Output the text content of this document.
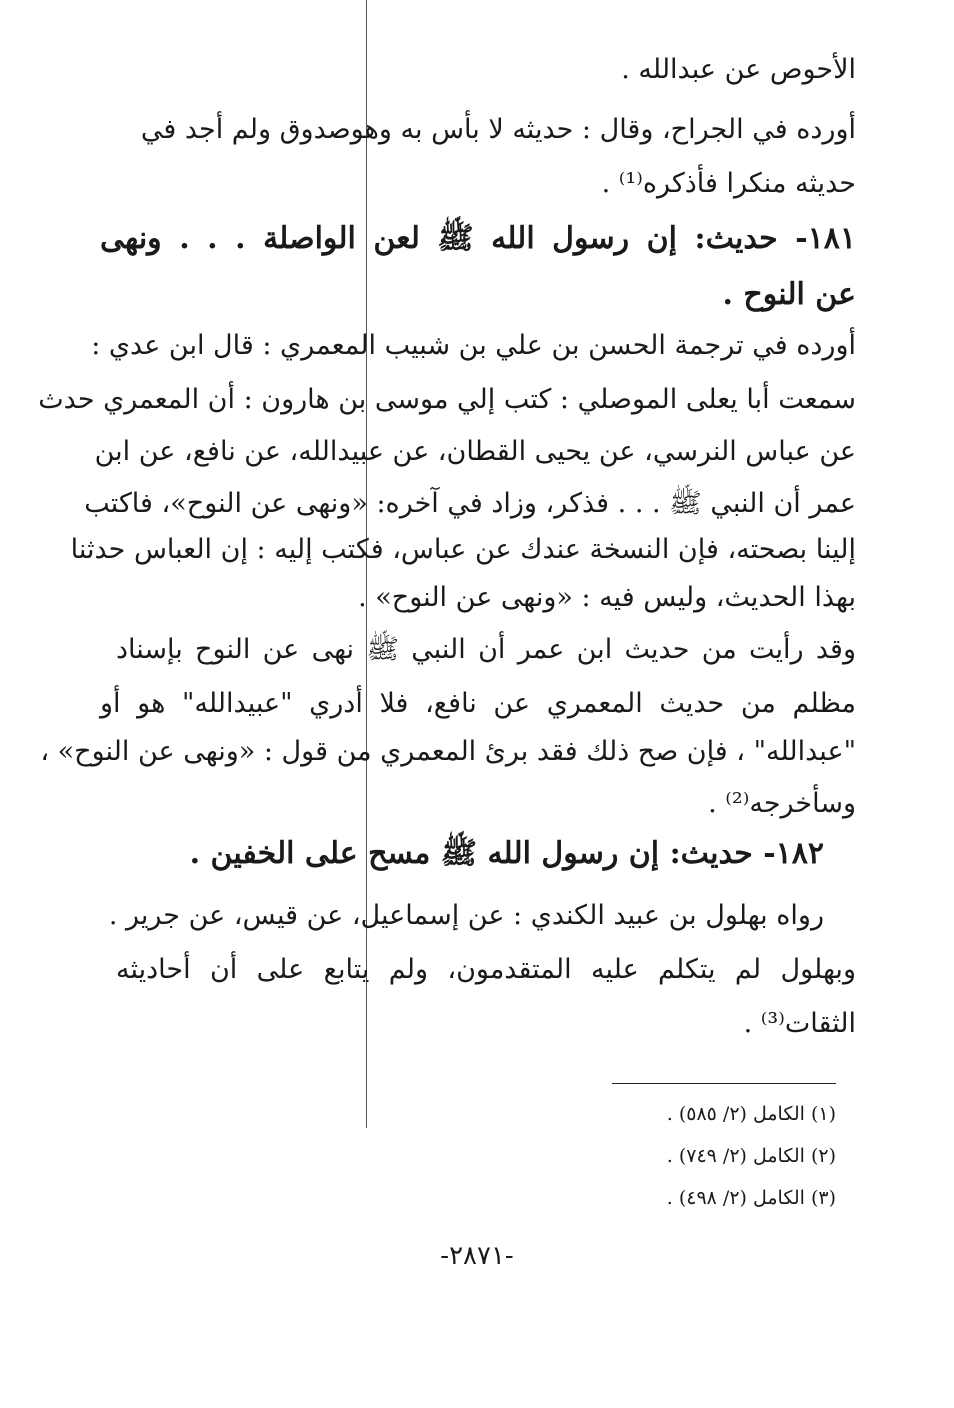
الأحوص عن عبدالله .
أورده في الجراح، وقال : حديثه لا بأس به وهوصدوق ولم أجد في
حديثه منكرا فأذكره⁽¹⁾ .
١٨١- حديث: إن رسول الله ﷺ لعن الواصلة . . . ونهى
عن النوح .
أورده في ترجمة الحسن بن علي بن شبيب المعمري : قال ابن عدي :
سمعت أبا يعلى الموصلي : كتب إلي موسى بن هارون : أن المعمري حدث
عن عباس النرسي، عن يحيى القطان، عن عبيدالله، عن نافع، عن ابن
عمر أن النبي ﷺ . . . فذكر، وزاد في آخره: «ونهى عن النوح»، فاكتب
إلينا بصحته، فإن النسخة عندك عن عباس، فكتب إليه : إن العباس حدثنا
بهذا الحديث، وليس فيه : «ونهى عن النوح» .
وقد رأيت من حديث ابن عمر أن النبي ﷺ نهى عن النوح بإسناد
مظلم من حديث المعمري عن نافع، فلا أدري "عبيدالله" هو أو
"عبدالله" ، فإن صح ذلك فقد برئ المعمري من قول : «ونهى عن النوح» ،
وسأخرجه⁽²⁾ .
١٨٢- حديث: إن رسول الله ﷺ مسح على الخفين .
رواه بهلول بن عبيد الكندي : عن إسماعيل، عن قيس، عن جرير .
وبهلول لم يتكلم عليه المتقدمون، ولم يتابع على أن أحاديثه
الثقات⁽³⁾ .
(١) الكامل (٢/ ٥٨٥) .
(٢) الكامل (٢/ ٧٤٩) .
(٣) الكامل (٢/ ٤٩٨) .
-٢٨٧١-
